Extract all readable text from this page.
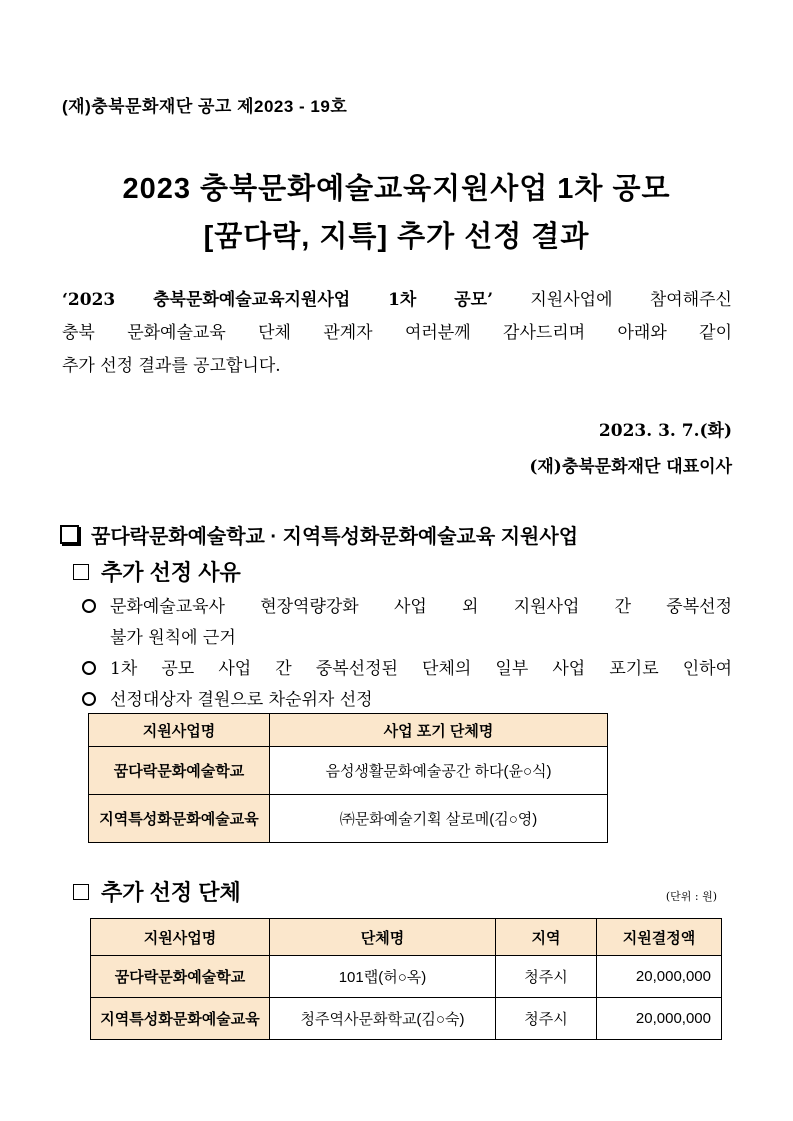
(재)충북문화재단 공고 제2023 - 19호
2023 충북문화예술교육지원사업 1차 공모
[꿈다락, 지특] 추가 선정 결과
‘2023 충북문화예술교육지원사업 1차 공모’ 지원사업에 참여해주신
충북 문화예술교육 단체 관계자 여러분께 감사드리며 아래와 같이
추가 선정 결과를 공고합니다.
2023. 3. 7.(화)
(재)충북문화재단 대표이사
꿈다락문화예술학교 · 지역특성화문화예술교육 지원사업
추가 선정 사유
문화예술교육사 현장역량강화 사업 외 지원사업 간 중복선정
불가 원칙에 근거
1차 공모 사업 간 중복선정된 단체의 일부 사업 포기로 인하여
선정대상자 결원으로 차순위자 선정
지원사업명	사업 포기 단체명
꿈다락문화예술학교	음성생활문화예술공간 하다(윤○식)
지역특성화문화예술교육	㈜문화예술기획 살로메(김○영)
추가 선정 단체	(단위 : 원)
지원사업명	단체명	지역	지원결정액
꿈다락문화예술학교	101랩(허○옥)	청주시	20,000,000
지역특성화문화예술교육	청주역사문화학교(김○숙)	청주시	20,000,000
